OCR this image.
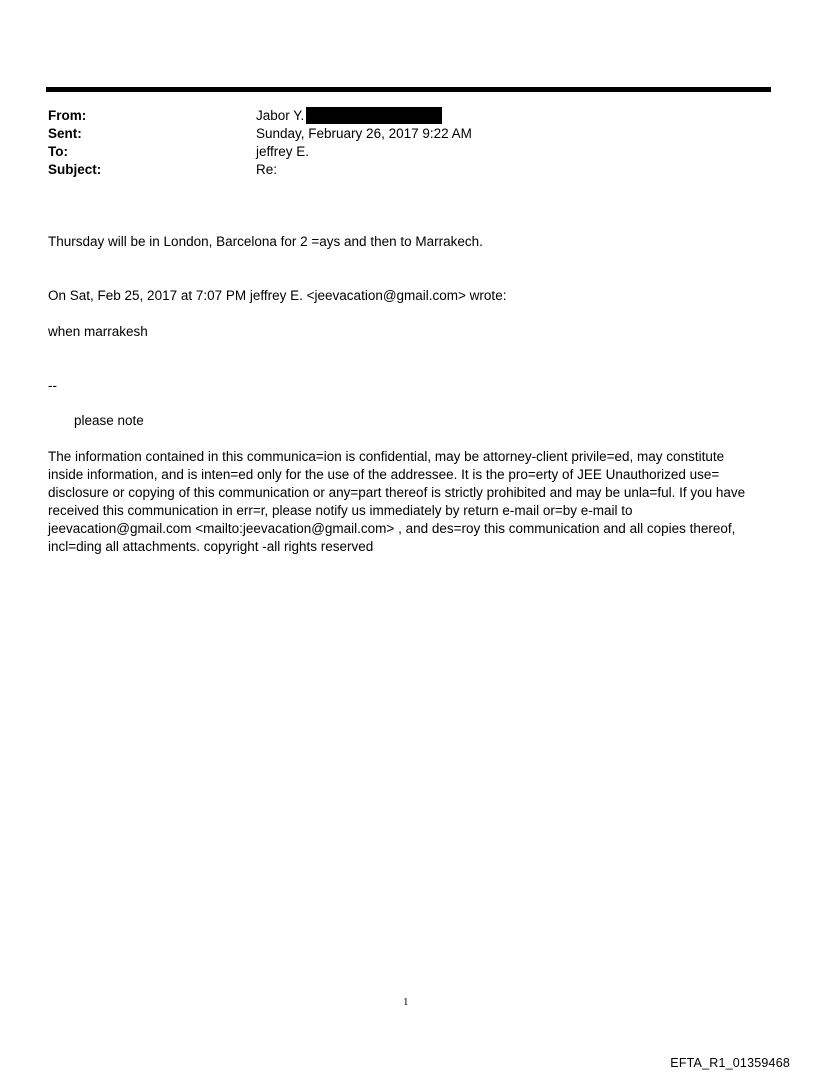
From:	Jabor Y.
Sent:	Sunday, February 26, 2017 9:22 AM
To:	jeffrey E.
Subject:	Re:
Thursday will be in London, Barcelona for 2 =ays and then to Marrakech.
On Sat, Feb 25, 2017 at 7:07 PM jeffrey E. <jeevacation@gmail.com> wrote:
when marrakesh
--
please note
The information contained in this communica=ion is confidential, may be attorney-client privile=ed, may constitute
inside information, and is inten=ed only for the use of the addressee. It is the pro=erty of JEE Unauthorized use=
disclosure or copying of this communication or any=part thereof is strictly prohibited and may be unla=ful. If you have
received this communication in err=r, please notify us immediately by return e-mail or=by e-mail to
jeevacation@gmail.com <mailto:jeevacation@gmail.com> , and des=roy this communication and all copies thereof,
incl=ding all attachments. copyright -all rights reserved
1
EFTA_R1_01359468
